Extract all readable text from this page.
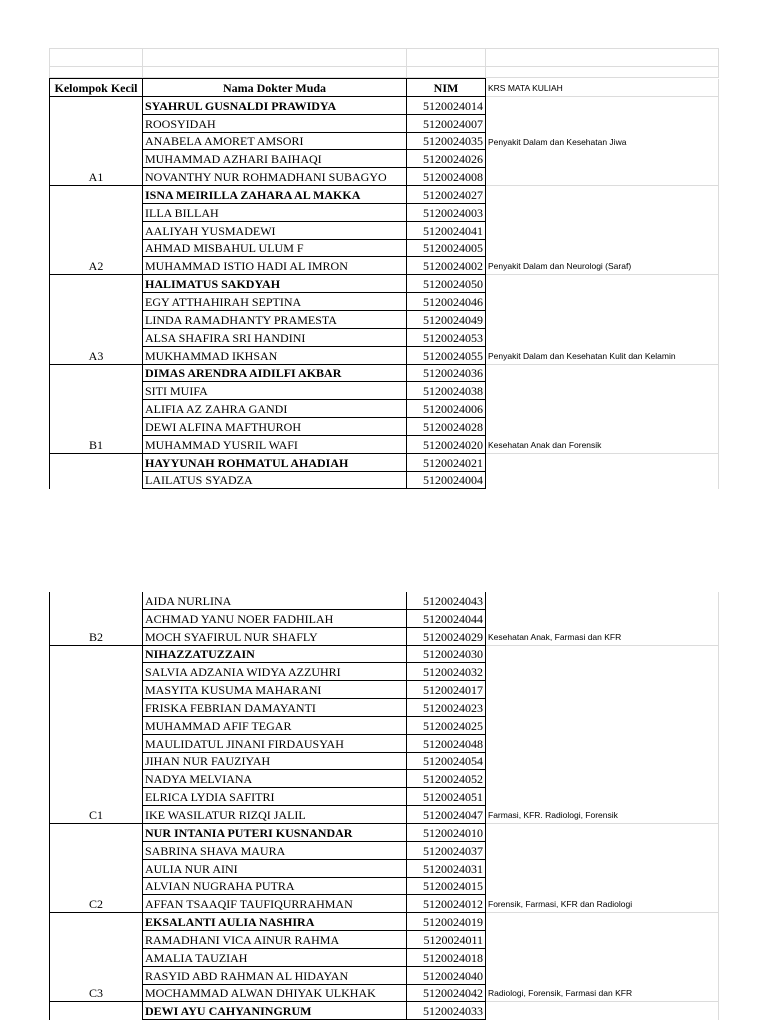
Kelompok Kecil	Nama Dokter Muda	NIM	KRS MATA KULIAH
	SYAHRUL GUSNALDI PRAWIDYA	5120024014	
	ROOSYIDAH	5120024007	
	ANABELA AMORET AMSORI	5120024035	Penyakit Dalam dan Kesehatan Jiwa
	MUHAMMAD AZHARI BAIHAQI	5120024026	
A1	NOVANTHY NUR ROHMADHANI SUBAGYO	5120024008	
	ISNA MEIRILLA ZAHARA AL MAKKA	5120024027	
	ILLA BILLAH	5120024003	
	AALIYAH YUSMADEWI	5120024041	
	AHMAD MISBAHUL ULUM F	5120024005	
A2	MUHAMMAD ISTIO HADI AL IMRON	5120024002	Penyakit Dalam dan Neurologi (Saraf)
	HALIMATUS SAKDYAH	5120024050	
	EGY ATTHAHIRAH SEPTINA	5120024046	
	LINDA RAMADHANTY PRAMESTA	5120024049	
	ALSA SHAFIRA SRI HANDINI	5120024053	
A3	MUKHAMMAD IKHSAN	5120024055	Penyakit Dalam dan Kesehatan Kulit dan Kelamin
	DIMAS ARENDRA AIDILFI AKBAR	5120024036	
	SITI MUIFA	5120024038	
	ALIFIA AZ ZAHRA GANDI	5120024006	
	DEWI ALFINA MAFTHUROH	5120024028	
B1	MUHAMMAD YUSRIL WAFI	5120024020	Kesehatan Anak dan Forensik
	HAYYUNAH ROHMATUL AHADIAH	5120024021	
	LAILATUS SYADZA	5120024004	
	AIDA NURLINA	5120024043	
	ACHMAD YANU NOER FADHILAH	5120024044	
B2	MOCH SYAFIRUL NUR SHAFLY	5120024029	Kesehatan Anak, Farmasi dan KFR
	NIHAZZATUZZAIN	5120024030	
	SALVIA ADZANIA WIDYA AZZUHRI	5120024032	
	MASYITA KUSUMA MAHARANI	5120024017	
	FRISKA FEBRIAN DAMAYANTI	5120024023	
	MUHAMMAD AFIF TEGAR	5120024025	
	MAULIDATUL JINANI FIRDAUSYAH	5120024048	
	JIHAN NUR FAUZIYAH	5120024054	
	NADYA MELVIANA	5120024052	
	ELRICA LYDIA SAFITRI	5120024051	
C1	IKE WASILATUR RIZQI JALIL	5120024047	Farmasi, KFR. Radiologi, Forensik
	NUR INTANIA PUTERI KUSNANDAR	5120024010	
	SABRINA SHAVA MAURA	5120024037	
	AULIA NUR AINI	5120024031	
	ALVIAN NUGRAHA PUTRA	5120024015	
C2	AFFAN TSAAQIF TAUFIQURRAHMAN	5120024012	Forensik, Farmasi, KFR dan Radiologi
	EKSALANTI AULIA NASHIRA	5120024019	
	RAMADHANI VICA AINUR RAHMA	5120024011	
	AMALIA TAUZIAH	5120024018	
	RASYID ABD RAHMAN AL HIDAYAN	5120024040	
C3	MOCHAMMAD ALWAN DHIYAK ULKHAK	5120024042	Radiologi, Forensik, Farmasi dan KFR
	DEWI AYU CAHYANINGRUM	5120024033	
